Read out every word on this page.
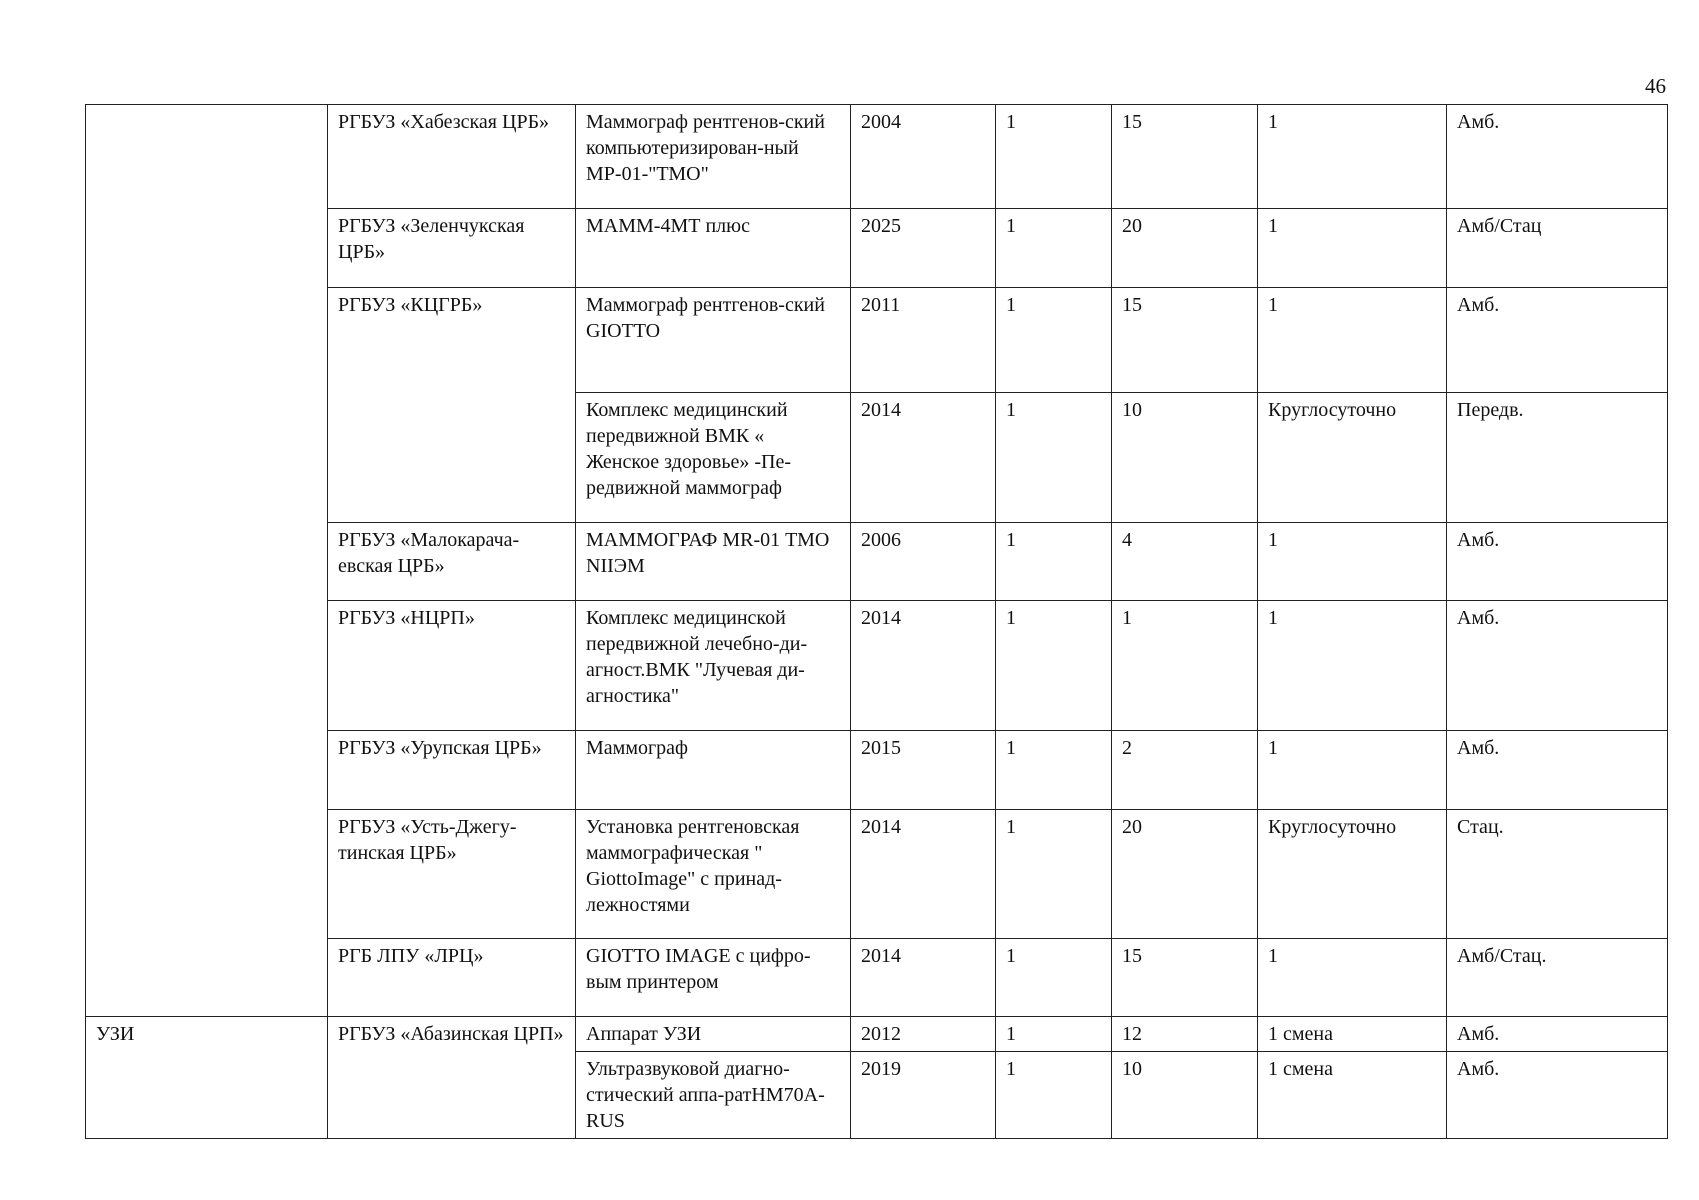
46
	РГБУЗ «Хабезская ЦРБ»	Маммограф рентгенов-ский компьютеризирован-ный МР-01-"ТМО"	2004	1	15	1	Амб.
	РГБУЗ «Зеленчукская ЦРБ»	МАММ-4МТ плюс	2025	1	20	1	Амб/Стац
	РГБУЗ «КЦГРБ»	Маммограф рентгенов-ский GIOTTO	2011	1	15	1	Амб.
		Комплекс медицинский передвижной ВМК « Женское здоровье» -Пе-редвижной маммограф	2014	1	10	Круглосуточно	Передв.
	РГБУЗ «Малокарача-евская ЦРБ»	МАММОГРАФ MR-01 ТМО NIIЭМ	2006	1	4	1	Амб.
	РГБУЗ «НЦРП»	Комплекс медицинской передвижной лечебно-ди-агност.ВМК "Лучевая ди-агностика"	2014	1	1	1	Амб.
	РГБУЗ «Урупская ЦРБ»	Маммограф	2015	1	2	1	Амб.
	РГБУЗ «Усть-Джегу-тинская ЦРБ»	Установка рентгеновская маммографическая " GiottoImage" с принад-лежностями	2014	1	20	Круглосуточно	Стац.
	РГБ ЛПУ «ЛРЦ»	GIOTTO IMAGE с цифро-вым принтером	2014	1	15	1	Амб/Стац.
УЗИ	РГБУЗ «Абазинская ЦРП»	Аппарат УЗИ	2012	1	12	1 смена	Амб.
		Ультразвуковой диагно-стический аппа-ратHM70A-RUS	2019	1	10	1 смена	Амб.
